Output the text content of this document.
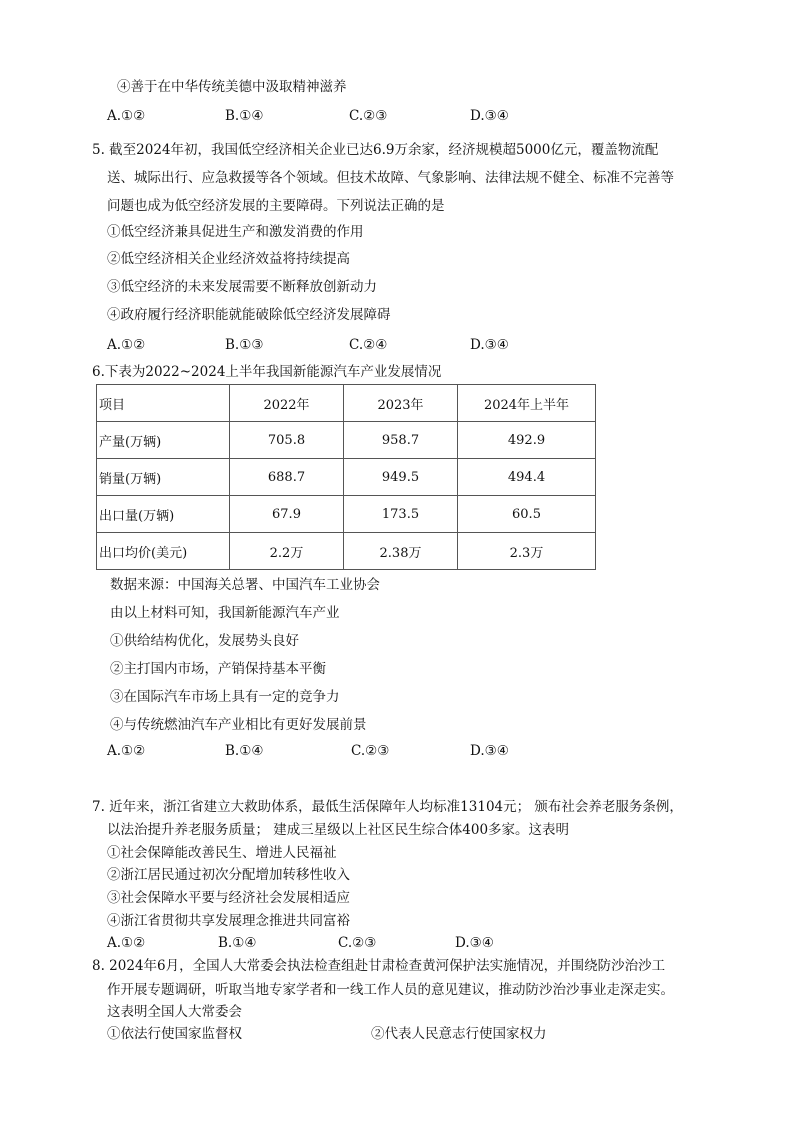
④善于在中华传统美德中汲取精神滋养
A.①②	B.①④	C.②③	D.③④
5. 截至2024年初，我国低空经济相关企业已达6.9万余家，经济规模超5000亿元，覆盖物流配
送、城际出行、应急救援等各个领域。但技术故障、气象影响、法律法规不健全、标准不完善等
问题也成为低空经济发展的主要障碍。下列说法正确的是
①低空经济兼具促进生产和激发消费的作用
②低空经济相关企业经济效益将持续提高
③低空经济的未来发展需要不断释放创新动力
④政府履行经济职能就能破除低空经济发展障碍
A.①②	B.①③	C.②④	D.③④
6.下表为2022~2024上半年我国新能源汽车产业发展情况
项目	2022年	2023年	2024年上半年
产量(万辆)	705.8	958.7	492.9
销量(万辆)	688.7	949.5	494.4
出口量(万辆)	67.9	173.5	60.5
出口均价(美元)	2.2万	2.38万	2.3万
数据来源：中国海关总署、中国汽车工业协会
由以上材料可知，我国新能源汽车产业
①供给结构优化，发展势头良好
②主打国内市场，产销保持基本平衡
③在国际汽车市场上具有一定的竞争力
④与传统燃油汽车产业相比有更好发展前景
A.①②	B.①④	C.②③	D.③④
7. 近年来，浙江省建立大救助体系，最低生活保障年人均标准13104元； 颁布社会养老服务条例，
以法治提升养老服务质量； 建成三星级以上社区民生综合体400多家。这表明
①社会保障能改善民生、增进人民福祉
②浙江居民通过初次分配增加转移性收入
③社会保障水平要与经济社会发展相适应
④浙江省贯彻共享发展理念推进共同富裕
A.①②	B.①④	C.②③	D.③④
8. 2024年6月，全国人大常委会执法检查组赴甘肃检查黄河保护法实施情况，并围绕防沙治沙工
作开展专题调研，听取当地专家学者和一线工作人员的意见建议，推动防沙治沙事业走深走实。
这表明全国人大常委会
①依法行使国家监督权	②代表人民意志行使国家权力
